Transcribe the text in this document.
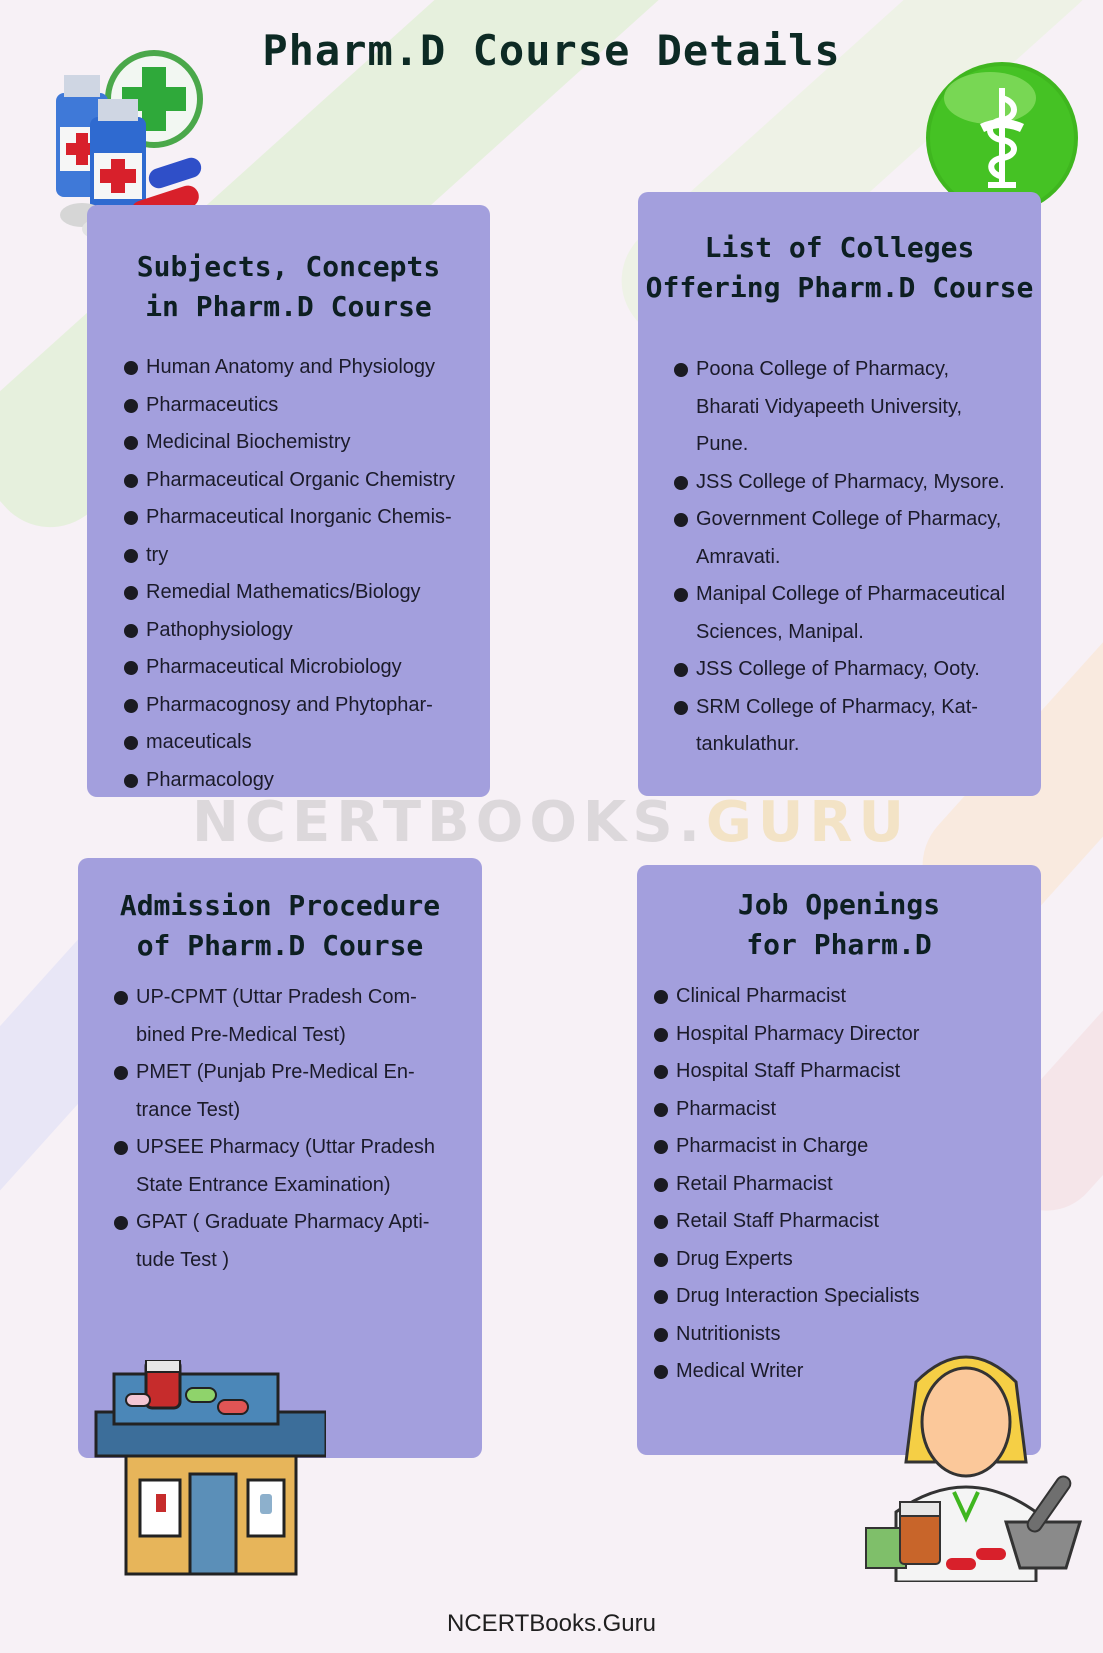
Pharm.D Course Details
Subjects, Concepts
in Pharm.D Course
Human Anatomy and Physiology
Pharmaceutics
Medicinal Biochemistry
Pharmaceutical Organic Chemistry
Pharmaceutical Inorganic Chemis-
try
Remedial Mathematics/Biology
Pathophysiology
Pharmaceutical Microbiology
Pharmacognosy and Phytophar-
maceuticals
Pharmacology
List of Colleges
Offering Pharm.D Course
Poona College of Pharmacy,
Bharati Vidyapeeth University,
Pune.
JSS College of Pharmacy, Mysore.
Government College of Pharmacy,
Amravati.
Manipal College of Pharmaceutical
Sciences, Manipal.
JSS College of Pharmacy, Ooty.
SRM College of Pharmacy, Kat-
tankulathur.
Admission Procedure
of Pharm.D Course
UP-CPMT (Uttar Pradesh Com-
bined Pre-Medical Test)
PMET (Punjab Pre-Medical En-
trance Test)
UPSEE Pharmacy (Uttar Pradesh
State Entrance Examination)
GPAT ( Graduate Pharmacy Apti-
tude Test )
Job Openings
for Pharm.D
Clinical Pharmacist
Hospital Pharmacy Director
Hospital Staff Pharmacist
Pharmacist
Pharmacist in Charge
Retail Pharmacist
Retail Staff Pharmacist
Drug Experts
Drug Interaction Specialists
Nutritionists
Medical Writer
NCERTBOOKS.GURU
NCERTBooks.Guru
